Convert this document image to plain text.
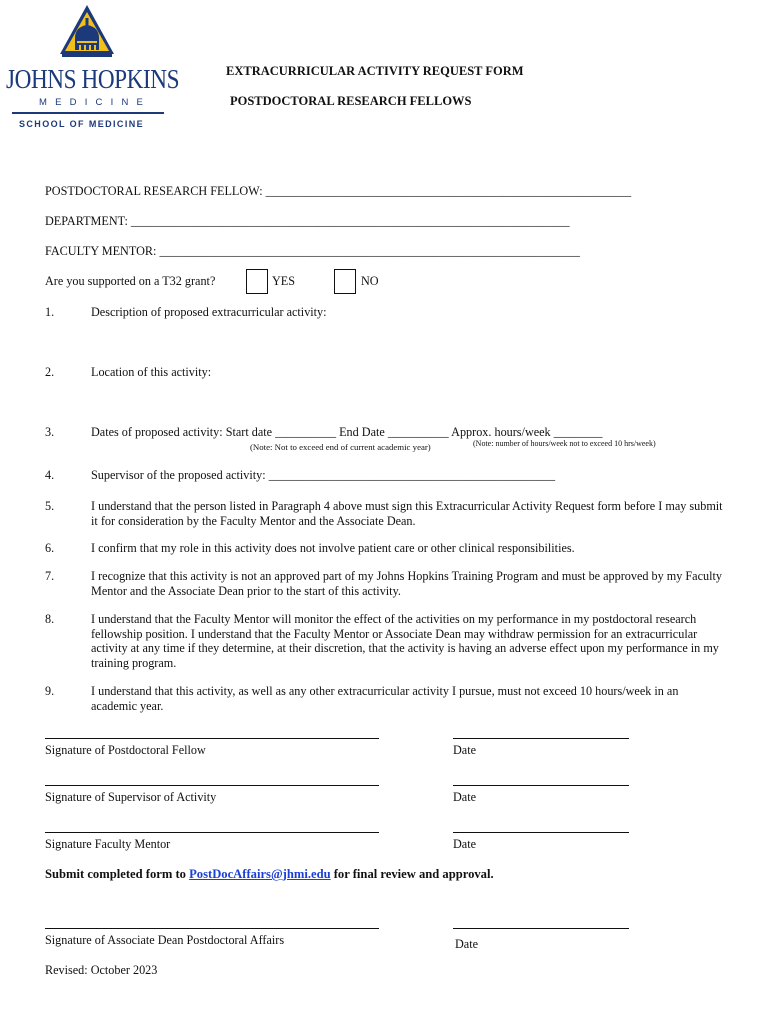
JOHNS HOPKINS
MEDICINE
SCHOOL OF MEDICINE
EXTRACURRICULAR ACTIVITY REQUEST FORM
POSTDOCTORAL RESEARCH FELLOWS
POSTDOCTORAL RESEARCH FELLOW: ____________________________________________________________
DEPARTMENT: ________________________________________________________________________
FACULTY MENTOR: _____________________________________________________________________
Are you supported on a T32 grant?	YES	NO
1.	Description of proposed extracurricular activity:
2.	Location of this activity:
3.	Dates of proposed activity: Start date __________ End Date __________ Approx. hours/week ________
(Note: Not to exceed end of current academic year)	(Note: number of hours/week not to exceed 10 hrs/week)
4.	Supervisor of the proposed activity: _______________________________________________
5.	I understand that the person listed in Paragraph 4 above must sign this Extracurricular Activity Request form before I may submit it for consideration by the Faculty Mentor and the Associate Dean.
6.	I confirm that my role in this activity does not involve patient care or other clinical responsibilities.
7.	I recognize that this activity is not an approved part of my Johns Hopkins Training Program and must be approved by my Faculty Mentor and the Associate Dean prior to the start of this activity.
8.	I understand that the Faculty Mentor will monitor the effect of the activities on my performance in my postdoctoral research fellowship position. I understand that the Faculty Mentor or Associate Dean may withdraw permission for an extracurricular activity at any time if they determine, at their discretion, that the activity is having an adverse effect upon my performance in my training program.
9.	I understand that this activity, as well as any other extracurricular activity I pursue, must not exceed 10 hours/week in an academic year.
Signature of Postdoctoral Fellow	Date
Signature of Supervisor of Activity	Date
Signature Faculty Mentor	Date
Submit completed form to PostDocAffairs@jhmi.edu for final review and approval.
Signature of Associate Dean Postdoctoral Affairs	Date
Revised: October 2023
